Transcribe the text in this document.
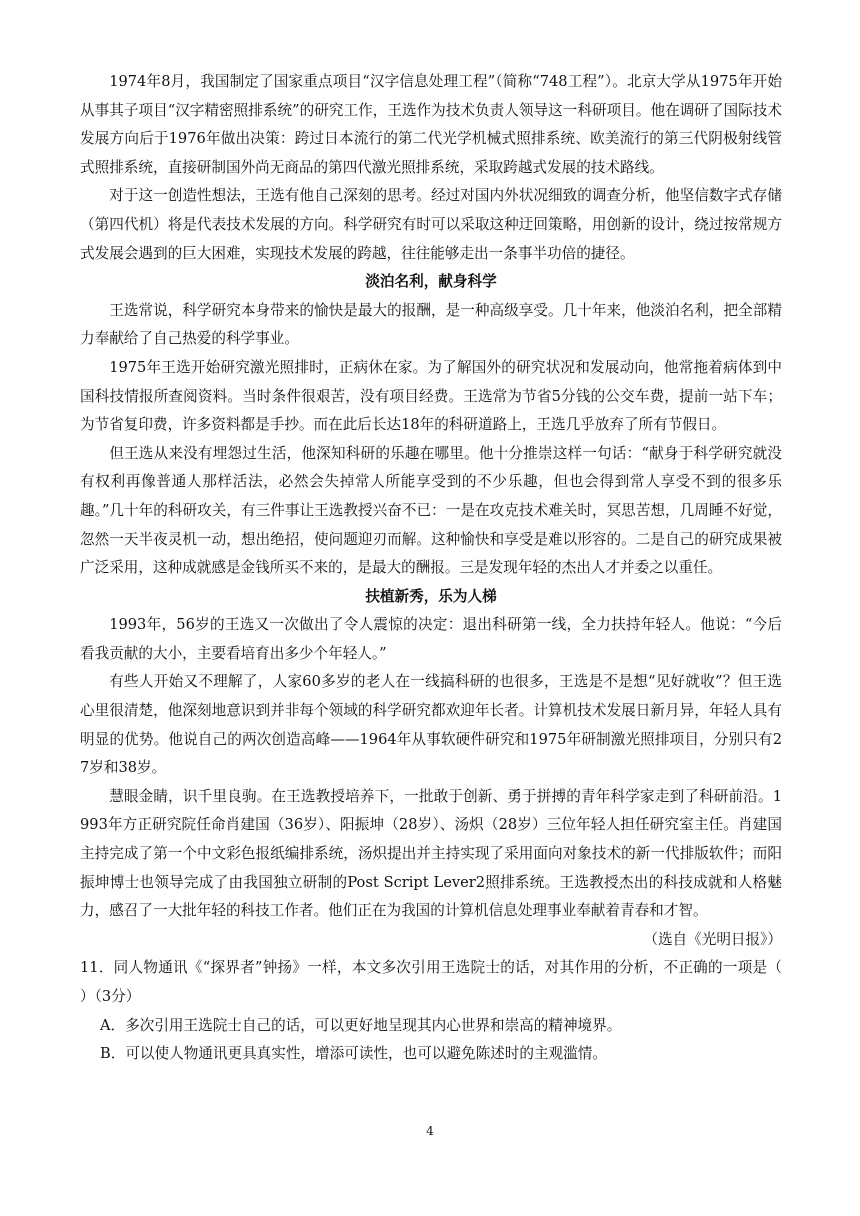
1974年8月，我国制定了国家重点项目“汉字信息处理工程”（简称“748工程”）。北京大学从1975年开始从事其子项目“汉字精密照排系统”的研究工作，王选作为技术负责人领导这一科研项目。他在调研了国际技术发展方向后于1976年做出决策：跨过日本流行的第二代光学机械式照排系统、欧美流行的第三代阴极射线管式照排系统，直接研制国外尚无商品的第四代激光照排系统，采取跨越式发展的技术路线。

对于这一创造性想法，王选有他自己深刻的思考。经过对国内外状况细致的调查分析，他坚信数字式存储（第四代机）将是代表技术发展的方向。科学研究有时可以采取这种迂回策略，用创新的设计，绕过按常规方式发展会遇到的巨大困难，实现技术发展的跨越，往往能够走出一条事半功倍的捷径。

淡泊名利，献身科学

王选常说，科学研究本身带来的愉快是最大的报酬，是一种高级享受。几十年来，他淡泊名利，把全部精力奉献给了自己热爱的科学事业。

1975年王选开始研究激光照排时，正病休在家。为了解国外的研究状况和发展动向，他常拖着病体到中国科技情报所查阅资料。当时条件很艰苦，没有项目经费。王选常为节省5分钱的公交车费，提前一站下车；为节省复印费，许多资料都是手抄。而在此后长达18年的科研道路上，王选几乎放弃了所有节假日。

但王选从来没有埋怨过生活，他深知科研的乐趣在哪里。他十分推崇这样一句话：“献身于科学研究就没有权利再像普通人那样活法，必然会失掉常人所能享受到的不少乐趣，但也会得到常人享受不到的很多乐趣。”几十年的科研攻关，有三件事让王选教授兴奋不已：一是在攻克技术难关时，冥思苦想，几周睡不好觉，忽然一天半夜灵机一动，想出绝招，使问题迎刃而解。这种愉快和享受是难以形容的。二是自己的研究成果被广泛采用，这种成就感是金钱所买不来的，是最大的酬报。三是发现年轻的杰出人才并委之以重任。

扶植新秀，乐为人梯

1993年，56岁的王选又一次做出了令人震惊的决定：退出科研第一线，全力扶持年轻人。他说：“今后看我贡献的大小，主要看培育出多少个年轻人。”

有些人开始又不理解了，人家60多岁的老人在一线搞科研的也很多，王选是不是想“见好就收”？但王选心里很清楚，他深刻地意识到并非每个领域的科学研究都欢迎年长者。计算机技术发展日新月异，年轻人具有明显的优势。他说自己的两次创造高峰——1964年从事软硬件研究和1975年研制激光照排项目，分别只有27岁和38岁。

慧眼金睛，识千里良驹。在王选教授培养下，一批敢于创新、勇于拼搏的青年科学家走到了科研前沿。1993年方正研究院任命肖建国（36岁）、阳振坤（28岁）、汤炽（28岁）三位年轻人担任研究室主任。肖建国主持完成了第一个中文彩色报纸编排系统，汤炽提出并主持实现了采用面向对象技术的新一代排版软件；而阳振坤博士也领导完成了由我国独立研制的Post Script Lever2照排系统。王选教授杰出的科技成就和人格魅力，感召了一大批年轻的科技工作者。他们正在为我国的计算机信息处理事业奉献着青春和才智。

（选自《光明日报》）

11．同人物通讯《“探界者”钟扬》一样，本文多次引用王选院士的话，对其作用的分析，不正确的一项是（　　）（3分）

A．多次引用王选院士自己的话，可以更好地呈现其内心世界和崇高的精神境界。

B．可以使人物通讯更具真实性，增添可读性，也可以避免陈述时的主观滥情。

4
